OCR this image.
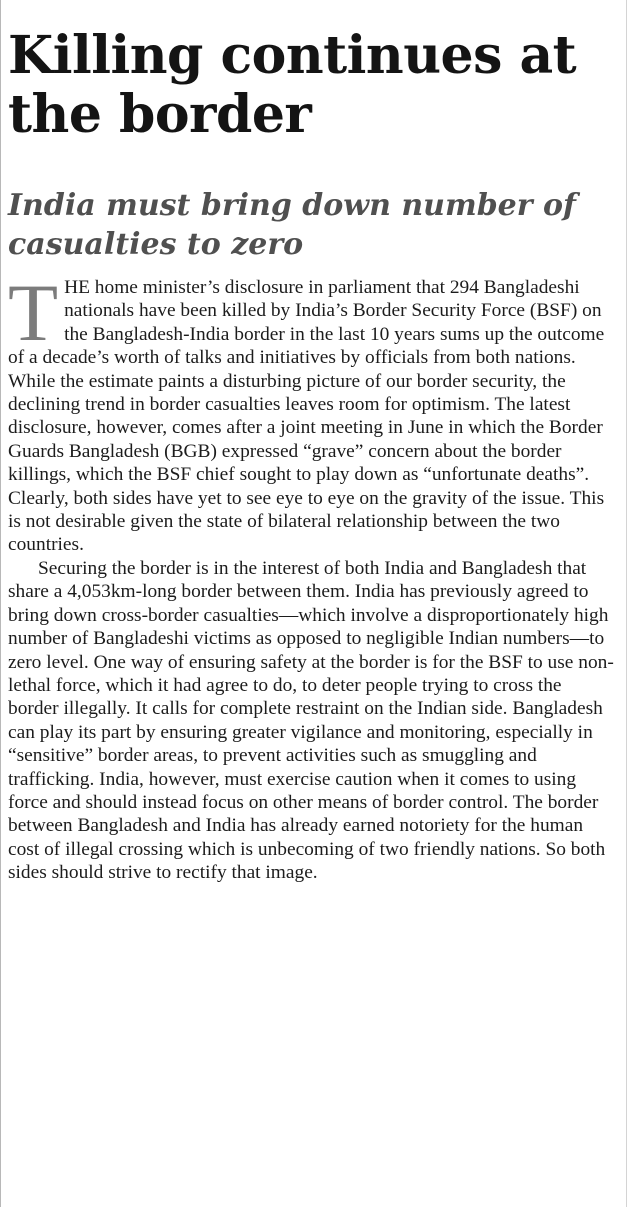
Killing continues at the border
India must bring down number of casualties to zero

THE home minister’s disclosure in parliament that 294 Bangladeshi nationals have been killed by India’s Border Security Force (BSF) on the Bangladesh-India border in the last 10 years sums up the outcome of a decade’s worth of talks and initiatives by officials from both nations. While the estimate paints a disturbing picture of our border security, the declining trend in border casualties leaves room for optimism. The latest disclosure, however, comes after a joint meeting in June in which the Border Guards Bangladesh (BGB) expressed “grave” concern about the border killings, which the BSF chief sought to play down as “unfortunate deaths”. Clearly, both sides have yet to see eye to eye on the gravity of the issue. This is not desirable given the state of bilateral relationship between the two countries.

Securing the border is in the interest of both India and Bangladesh that share a 4,053km-long border between them. India has previously agreed to bring down cross-border casualties—which involve a disproportionately high number of Bangladeshi victims as opposed to negligible Indian numbers—to zero level. One way of ensuring safety at the border is for the BSF to use non-lethal force, which it had agree to do, to deter people trying to cross the border illegally. It calls for complete restraint on the Indian side. Bangladesh can play its part by ensuring greater vigilance and monitoring, especially in “sensitive” border areas, to prevent activities such as smuggling and trafficking. India, however, must exercise caution when it comes to using force and should instead focus on other means of border control. The border between Bangladesh and India has already earned notoriety for the human cost of illegal crossing which is unbecoming of two friendly nations. So both sides should strive to rectify that image.
